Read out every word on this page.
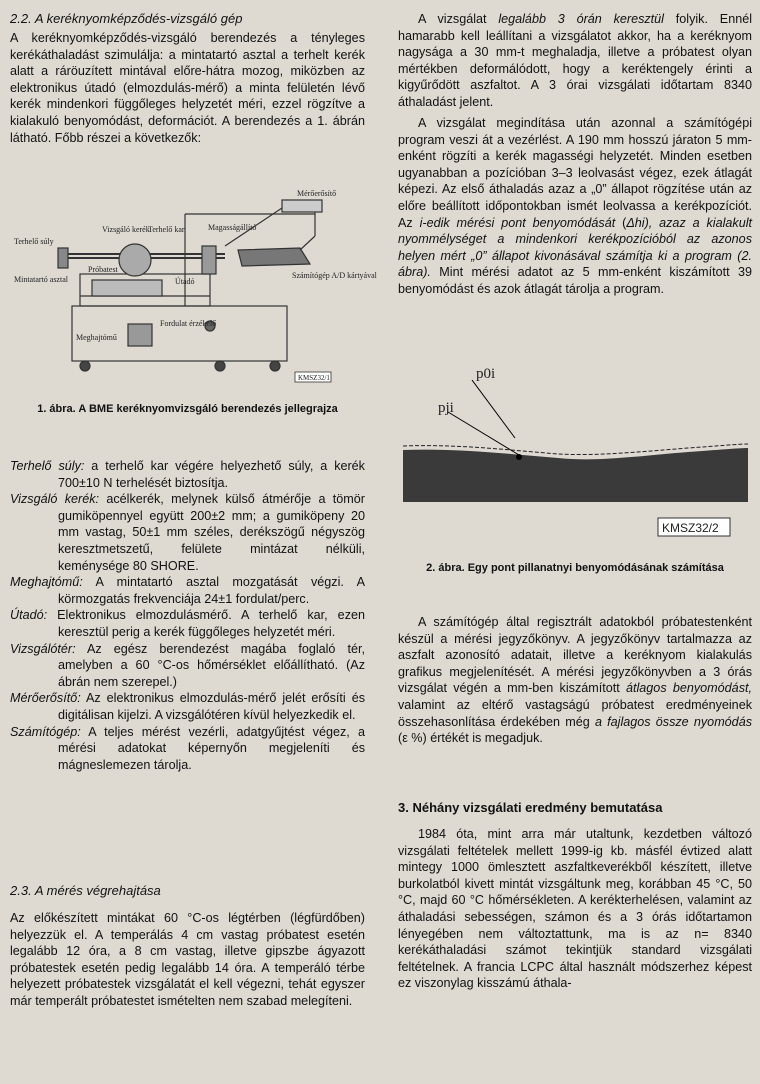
2.2. A keréknyomképződés-vizsgáló gép

A keréknyomképződés-vizsgáló berendezés a tényleges kerékáthaladást szimulálja: a mintatartó asztal a terhelt kerék alatt a ráröuzített mintával előre-hátra mozog, miközben az elektronikus útadó (elmozdulás-mérő) a minta felületén lévő kerék mindenkori függőleges helyzetét méri, ezzel rögzítve a kialakuló benyomódást, deformációt. A berendezés a 1. ábrán látható. Főbb részei a következők:

Mérőerősítő
Terhelő súly
Vizsgáló kerék
Terhelő kar	Magasságállító
Próbatest
Mintatartó asztal	Útadó
Számítógép A/D kártyával
Fordulat érzékelő
Meghajtómű
KMSZ32/1

1. ábra. A BME keréknyomvizsgáló berendezés jellegrajza

Terhelő súly: a terhelő kar végére helyezhető súly, a kerék 700±10 N terhelését biztosítja.

Vizsgáló kerék: acélkerék, melynek külső átmérője a tömör gumiköpennyel együtt 200±2 mm; a gumiköpeny 20 mm vastag, 50±1 mm széles, derékszögű négyszög keresztmetszetű, felülete mintázat nélküli, keménysége 80 SHORE.

Meghajtómű: A mintatartó asztal mozgatását végzi. A körmozgatás frekvenciája 24±1 fordulat/perc.

Útadó: Elektronikus elmozdulásmérő. A terhelő kar, ezen keresztül perig a kerék függőleges helyzetét méri.

Vizsgálótér: Az egész berendezést magába foglaló tér, amelyben a 60 °C-os hőmérséklet előállítható. (Az ábrán nem szerepel.)

Mérőerősítő: Az elektronikus elmozdulás-mérő jelét erősíti és digitálisan kijelzi. A vizsgálótéren kívül helyezkedik el.

Számítógép: A teljes mérést vezérli, adatgyűjtést végez, a mérési adatokat képernyőn megjeleníti és mágneslemezen tárolja.

2.3. A mérés végrehajtása

Az előkészített mintákat 60 °C-os légtérben (légfürdőben) helyezzük el. A temperálás 4 cm vastag próbatest esetén legalább 12 óra, a 8 cm vastag, illetve gipszbe ágyazott próbatestek esetén pedig legalább 14 óra. A temperáló térbe helyezett próbatestek vizsgálatát el kell végezni, tehát egyszer már temperált próbatestet ismételten nem szabad melegíteni.

A vizsgálat legalább 3 órán keresztül folyik. Ennél hamarabb kell leállítani a vizsgálatot akkor, ha a keréknyom nagysága a 30 mm-t meghaladja, illetve a próbatest olyan mértékben deformálódott, hogy a keréktengely érinti a kigyűrődött aszfaltot. A 3 órai vizsgálati időtartam 8340 áthaladást jelent.

A vizsgálat megindítása után azonnal a számítógépi program veszi át a vezérlést. A 190 mm hosszú járaton 5 mm-enként rögzíti a kerék magasségi helyzetét. Minden esetben ugyanabban a pozícióban 3–3 leolvasást végez, ezek átlagát képezi. Az első áthaladás azaz a „0” állapot rögzítése után az előre beállított időpontokban ismét leolvassa a kerékpozíciót. Az i-edik mérési pont benyomódását (Δhi), azaz a kialakult nyommélységet a mindenkori kerékpozícióból az azonos helyen mért „0” állapot kivonásával számítja ki a program (2. ábra). Mint mérési adatot az 5 mm-enként kiszámított 39 benyomódást és azok átlagát tárolja a program.

p0i
pji
KMSZ32/2

2. ábra. Egy pont pillanatnyi benyomódásának számítása

A számítógép által regisztrált adatokból próbatestenként készül a mérési jegyzőkönyv. A jegyzőkönyv tartalmazza az aszfalt azonosító adatait, illetve a keréknyom kialakulás grafikus megjelenítését. A mérési jegyzőkönyvben a 3 órás vizsgálat végén a mm-ben kiszámított átlagos benyomódást, valamint az eltérő vastagságú próbatest eredményeinek összehasonlítása érdekében még a fajlagos össze nyomódás (ε %) értékét is megadjuk.

3. Néhány vizsgálati eredmény bemutatása

1984 óta, mint arra már utaltunk, kezdetben változó vizsgálati feltételek mellett 1999-ig kb. másfél évtized alatt mintegy 1000 ömlesztett aszfaltkeverékből készített, illetve burkolatból kivett mintát vizsgáltunk meg, korábban 45 °C, 50 °C, majd 60 °C hőmérsékleten. A kerékterhelésen, valamint az áthaladási sebességen, számon és a 3 órás időtartamon lényegében nem változtattunk, ma is az n= 8340 kerékáthaladási számot tekintjük standard vizsgálati feltételnek. A francia LCPC által használt módszerhez képest ez viszonylag kisszámú áthala-
